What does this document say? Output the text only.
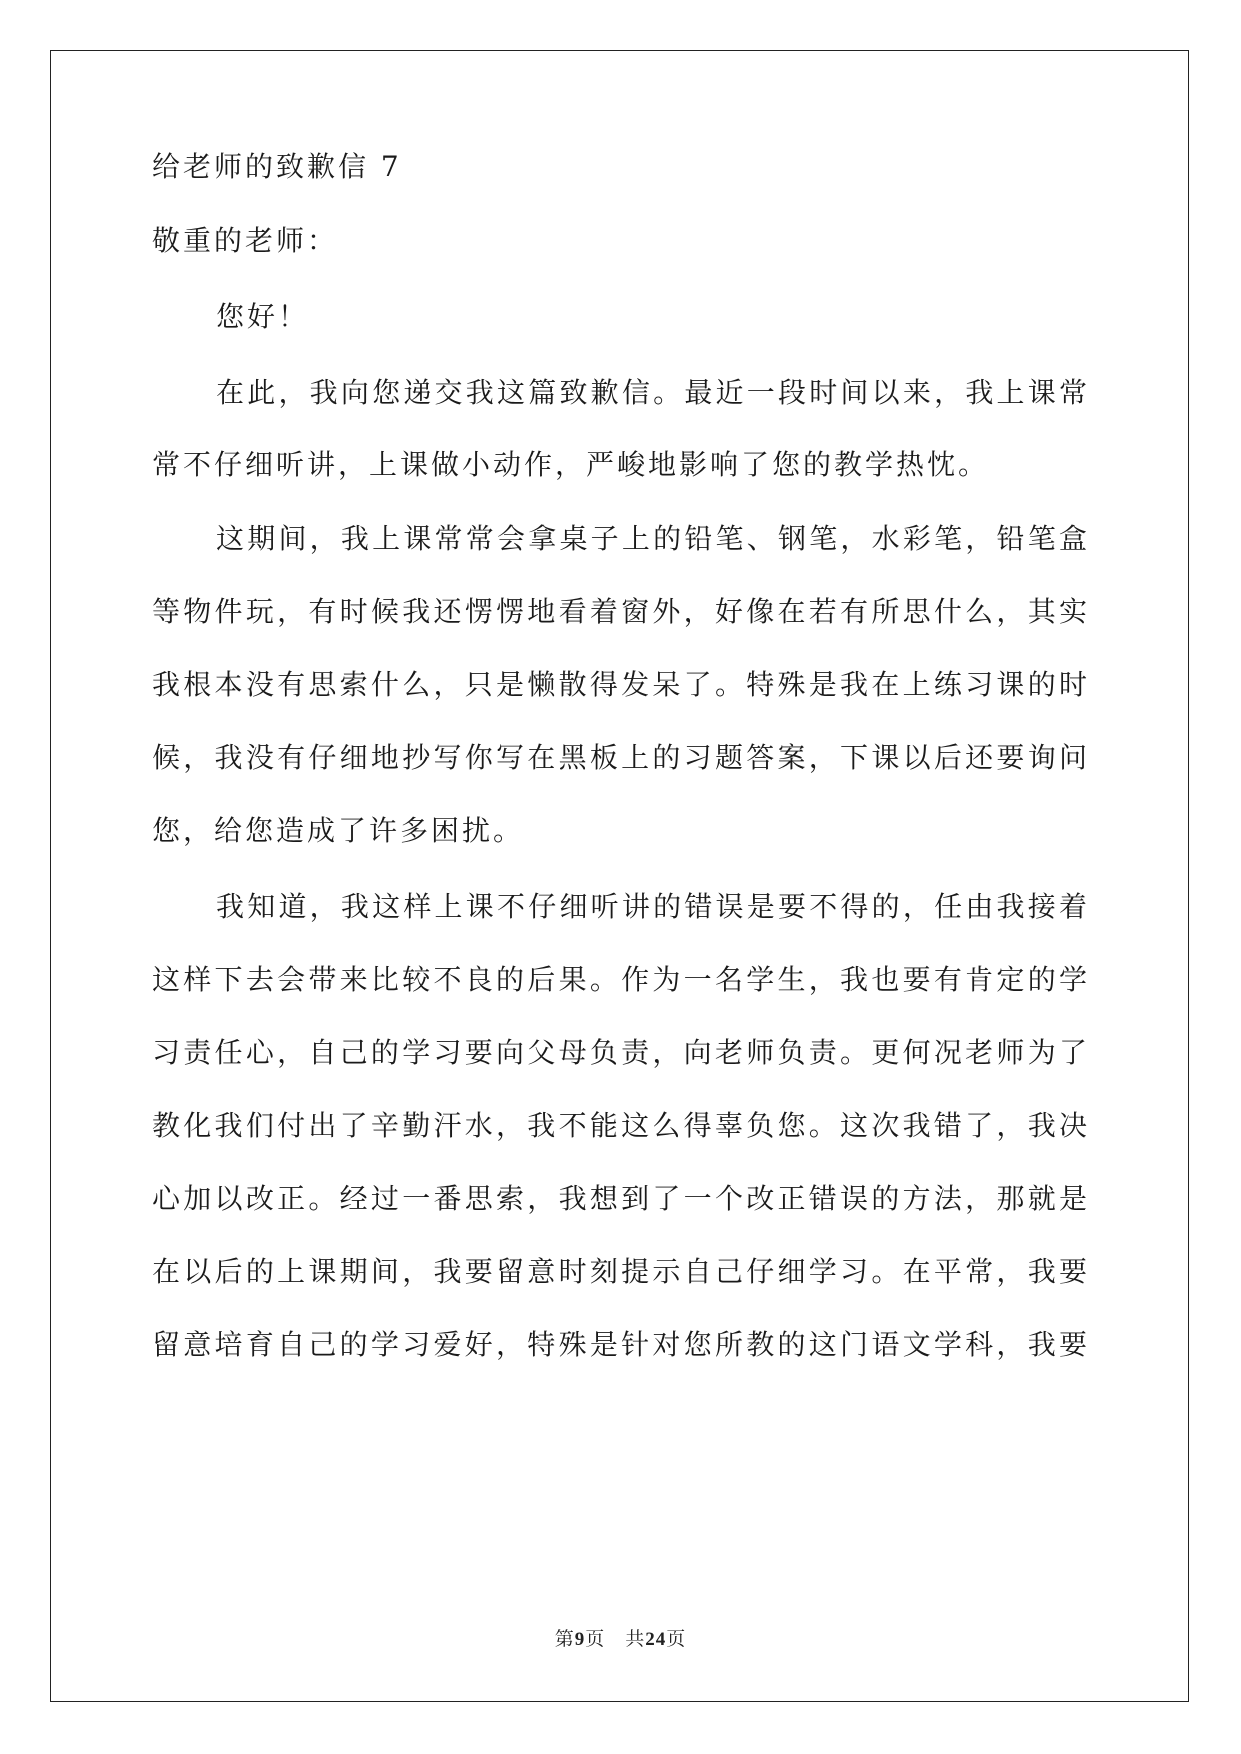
给老师的致歉信 7

敬重的老师：

您好！

在此，我向您递交我这篇致歉信。最近一段时间以来，我上课常

常不仔细听讲，上课做小动作，严峻地影响了您的教学热忱。

这期间，我上课常常会拿桌子上的铅笔、钢笔，水彩笔，铅笔盒

等物件玩，有时候我还愣愣地看着窗外，好像在若有所思什么，其实

我根本没有思索什么，只是懒散得发呆了。特殊是我在上练习课的时

候，我没有仔细地抄写你写在黑板上的习题答案，下课以后还要询问

您，给您造成了许多困扰。

我知道，我这样上课不仔细听讲的错误是要不得的，任由我接着

这样下去会带来比较不良的后果。作为一名学生，我也要有肯定的学

习责任心，自己的学习要向父母负责，向老师负责。更何况老师为了

教化我们付出了辛勤汗水，我不能这么得辜负您。这次我错了，我决

心加以改正。经过一番思索，我想到了一个改正错误的方法，那就是

在以后的上课期间，我要留意时刻提示自己仔细学习。在平常，我要

留意培育自己的学习爱好，特殊是针对您所教的这门语文学科，我要

第9页 共24页
